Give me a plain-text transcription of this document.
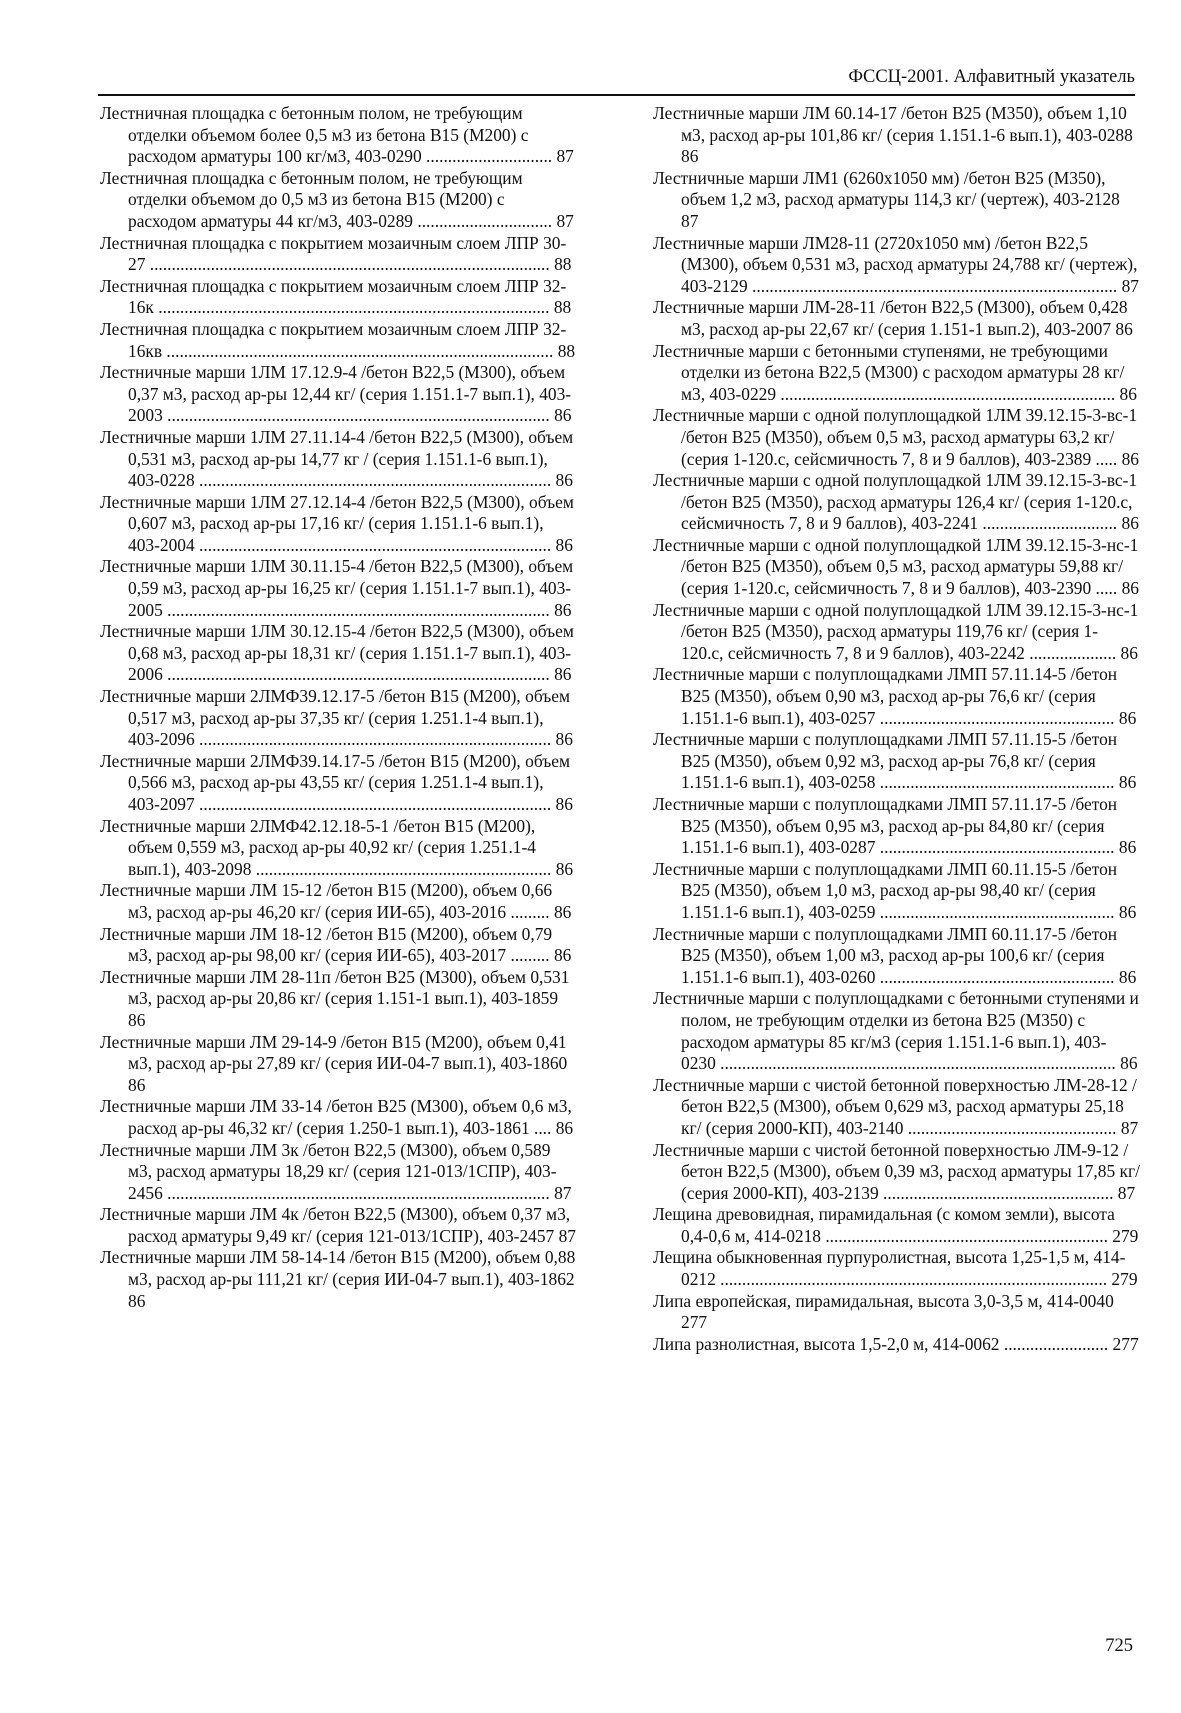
ФССЦ-2001. Алфавитный указатель

Лестничная площадка с бетонным полом, не требующим отделки объемом более 0,5 м3 из бетона В15 (М200) с расходом арматуры 100 кг/м3, 403-0290 ............................. 87

Лестничная площадка с бетонным полом, не требующим отделки объемом до 0,5 м3 из бетона В15 (М200) с расходом арматуры 44 кг/м3, 403-0289 ............................... 87

Лестничная площадка с покрытием мозаичным слоем ЛПР 30-27 ............................................................................................ 88

Лестничная площадка с покрытием мозаичным слоем ЛПР 32-16к .......................................................................................... 88

Лестничная площадка с покрытием мозаичным слоем ЛПР 32-16кв ......................................................................................... 88

Лестничные марши 1ЛМ 17.12.9-4 /бетон В22,5 (М300), объем 0,37 м3, расход ар-ры 12,44 кг/ (серия 1.151.1-7 вып.1), 403-2003 ........................................................................................ 86

Лестничные марши 1ЛМ 27.11.14-4 /бетон В22,5 (М300), объем 0,531 м3, расход ар-ры 14,77 кг / (серия 1.151.1-6 вып.1), 403-0228 ................................................................................. 86

Лестничные марши 1ЛМ 27.12.14-4 /бетон В22,5 (М300), объем 0,607 м3, расход ар-ры 17,16 кг/ (серия 1.151.1-6 вып.1), 403-2004 ................................................................................. 86

Лестничные марши 1ЛМ 30.11.15-4 /бетон В22,5 (М300), объем 0,59 м3, расход ар-ры 16,25 кг/ (серия 1.151.1-7 вып.1), 403-2005 ........................................................................................ 86

Лестничные марши 1ЛМ 30.12.15-4 /бетон В22,5 (М300), объем 0,68 м3, расход ар-ры 18,31 кг/ (серия 1.151.1-7 вып.1), 403-2006 ........................................................................................ 86

Лестничные марши 2ЛМФ39.12.17-5 /бетон В15 (М200), объем 0,517 м3, расход ар-ры 37,35 кг/ (серия 1.251.1-4 вып.1), 403-2096 ................................................................................. 86

Лестничные марши 2ЛМФ39.14.17-5 /бетон В15 (М200), объем 0,566 м3, расход ар-ры 43,55 кг/ (серия 1.251.1-4 вып.1), 403-2097 ................................................................................. 86

Лестничные марши 2ЛМФ42.12.18-5-1 /бетон В15 (М200), объем 0,559 м3, расход ар-ры 40,92 кг/ (серия 1.251.1-4 вып.1), 403-2098 .................................................................... 86

Лестничные марши ЛМ 15-12 /бетон В15 (М200), объем 0,66 м3, расход ар-ры 46,20 кг/ (серия ИИ-65), 403-2016 ......... 86

Лестничные марши ЛМ 18-12 /бетон В15 (М200), объем 0,79 м3, расход ар-ры 98,00 кг/ (серия ИИ-65), 403-2017 ......... 86

Лестничные марши ЛМ 28-11п /бетон В25 (М300), объем 0,531 м3, расход ар-ры 20,86 кг/ (серия 1.151-1 вып.1), 403-1859 86

Лестничные марши ЛМ 29-14-9 /бетон В15 (М200), объем 0,41 м3, расход ар-ры 27,89 кг/ (серия ИИ-04-7 вып.1), 403-1860 86

Лестничные марши ЛМ 33-14 /бетон В25 (М300), объем 0,6 м3, расход ар-ры 46,32 кг/ (серия 1.250-1 вып.1), 403-1861 .... 86

Лестничные марши ЛМ 3к /бетон В22,5 (М300), объем 0,589 м3, расход арматуры 18,29 кг/ (серия 121-013/1СПР), 403-2456 ........................................................................................ 87

Лестничные марши ЛМ 4к /бетон В22,5 (М300), объем 0,37 м3, расход арматуры 9,49 кг/ (серия 121-013/1СПР), 403-2457 87

Лестничные марши ЛМ 58-14-14 /бетон В15 (М200), объем 0,88 м3, расход ар-ры 111,21 кг/ (серия ИИ-04-7 вып.1), 403-1862 86

Лестничные марши ЛМ 60.14-17 /бетон В25 (М350), объем 1,10 м3, расход ар-ры 101,86 кг/ (серия 1.151.1-6 вып.1), 403-0288 86

Лестничные марши ЛМ1 (6260х1050 мм) /бетон В25 (М350), объем 1,2 м3, расход арматуры 114,3 кг/ (чертеж), 403-2128 87

Лестничные марши ЛМ28-11 (2720х1050 мм) /бетон В22,5 (М300), объем 0,531 м3, расход арматуры 24,788 кг/ (чертеж), 403-2129 .................................................................................... 87

Лестничные марши ЛМ-28-11 /бетон В22,5 (М300), объем 0,428 м3, расход ар-ры 22,67 кг/ (серия 1.151-1 вып.2), 403-2007 86

Лестничные марши с бетонными ступенями, не требующими отделки из бетона В22,5 (М300) с расходом арматуры 28 кг/м3, 403-0229 ............................................................................. 86

Лестничные марши с одной полуплощадкой 1ЛМ 39.12.15-3-вс-1 /бетон В25 (М350), объем 0,5 м3, расход арматуры 63,2 кг/ (серия 1-120.с, сейсмичность 7, 8 и 9 баллов), 403-2389 ..... 86

Лестничные марши с одной полуплощадкой 1ЛМ 39.12.15-3-вс-1 /бетон В25 (М350), расход арматуры 126,4 кг/ (серия 1-120.с, сейсмичность 7, 8 и 9 баллов), 403-2241 ............................... 86

Лестничные марши с одной полуплощадкой 1ЛМ 39.12.15-3-нс-1 /бетон В25 (М350), объем 0,5 м3, расход арматуры 59,88 кг/ (серия 1-120.с, сейсмичность 7, 8 и 9 баллов), 403-2390 ..... 86

Лестничные марши с одной полуплощадкой 1ЛМ 39.12.15-3-нс-1 /бетон В25 (М350), расход арматуры 119,76 кг/ (серия 1-120.с, сейсмичность 7, 8 и 9 баллов), 403-2242 .................... 86

Лестничные марши с полуплощадками ЛМП 57.11.14-5 /бетон В25 (М350), объем 0,90 м3, расход ар-ры 76,6 кг/ (серия 1.151.1-6 вып.1), 403-0257 ...................................................... 86

Лестничные марши с полуплощадками ЛМП 57.11.15-5 /бетон В25 (М350), объем 0,92 м3, расход ар-ры 76,8 кг/ (серия 1.151.1-6 вып.1), 403-0258 ...................................................... 86

Лестничные марши с полуплощадками ЛМП 57.11.17-5 /бетон В25 (М350), объем 0,95 м3, расход ар-ры 84,80 кг/ (серия 1.151.1-6 вып.1), 403-0287 ...................................................... 86

Лестничные марши с полуплощадками ЛМП 60.11.15-5 /бетон В25 (М350), объем 1,0 м3, расход ар-ры 98,40 кг/ (серия 1.151.1-6 вып.1), 403-0259 ...................................................... 86

Лестничные марши с полуплощадками ЛМП 60.11.17-5 /бетон В25 (М350), объем 1,00 м3, расход ар-ры 100,6 кг/ (серия 1.151.1-6 вып.1), 403-0260 ...................................................... 86

Лестничные марши с полуплощадками с бетонными ступенями и полом, не требующим отделки из бетона В25 (М350) с расходом арматуры 85 кг/м3 (серия 1.151.1-6 вып.1), 403-0230 ........................................................................................... 86

Лестничные марши с чистой бетонной поверхностью ЛМ-28-12 /бетон В22,5 (М300), объем 0,629 м3, расход арматуры 25,18 кг/ (серия 2000-КП), 403-2140 ................................................ 87

Лестничные марши с чистой бетонной поверхностью ЛМ-9-12 /бетон В22,5 (М300), объем 0,39 м3, расход арматуры 17,85 кг/ (серия 2000-КП), 403-2139 ..................................................... 87

Лещина древовидная, пирамидальная (с комом земли), высота 0,4-0,6 м, 414-0218 ................................................................. 279

Лещина обыкновенная пурпуролистная, высота 1,25-1,5 м, 414-0212 ......................................................................................... 279

Липа европейская, пирамидальная, высота 3,0-3,5 м, 414-0040 277

Липа разнолистная, высота 1,5-2,0 м, 414-0062 ........................ 277

725
